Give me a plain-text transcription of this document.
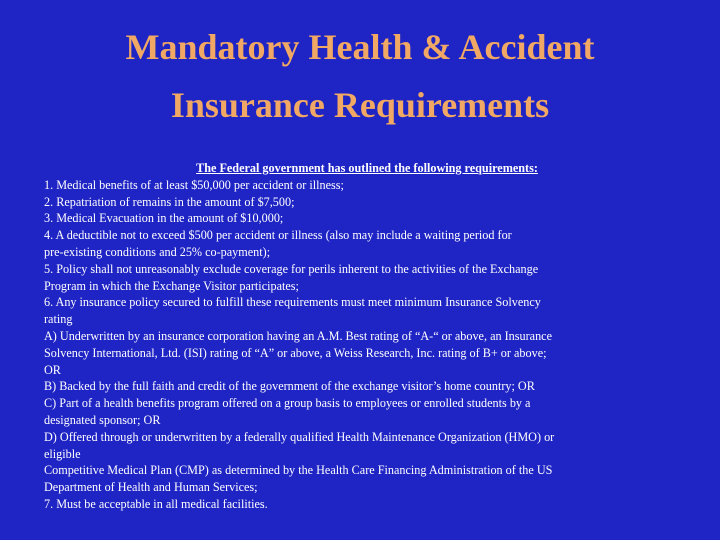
Mandatory Health & Accident
Insurance Requirements

The Federal government has outlined the following requirements:

1. Medical benefits of at least $50,000 per accident or illness;

2. Repatriation of remains in the amount of $7,500;

3. Medical Evacuation in the amount of $10,000;

4. A deductible not to exceed $500 per accident or illness (also may include a waiting period for

pre-existing conditions and 25% co-payment);

5. Policy shall not unreasonably exclude coverage for perils inherent to the activities of the Exchange

Program in which the Exchange Visitor participates;

6. Any insurance policy secured to fulfill these requirements must meet minimum Insurance Solvency

rating

A) Underwritten by an insurance corporation having an A.M. Best rating of “A-“ or above, an Insurance

Solvency International, Ltd. (ISI) rating of “A” or above, a Weiss Research, Inc. rating of B+ or above;

OR

B) Backed by the full faith and credit of the government of the exchange visitor’s home country; OR

C) Part of a health benefits program offered on a group basis to employees or enrolled students by a

designated sponsor; OR

D) Offered through or underwritten by a federally qualified Health Maintenance Organization (HMO) or

eligible

Competitive Medical Plan (CMP) as determined by the Health Care Financing Administration of the US

Department of Health and Human Services;

7. Must be acceptable in all medical facilities.
